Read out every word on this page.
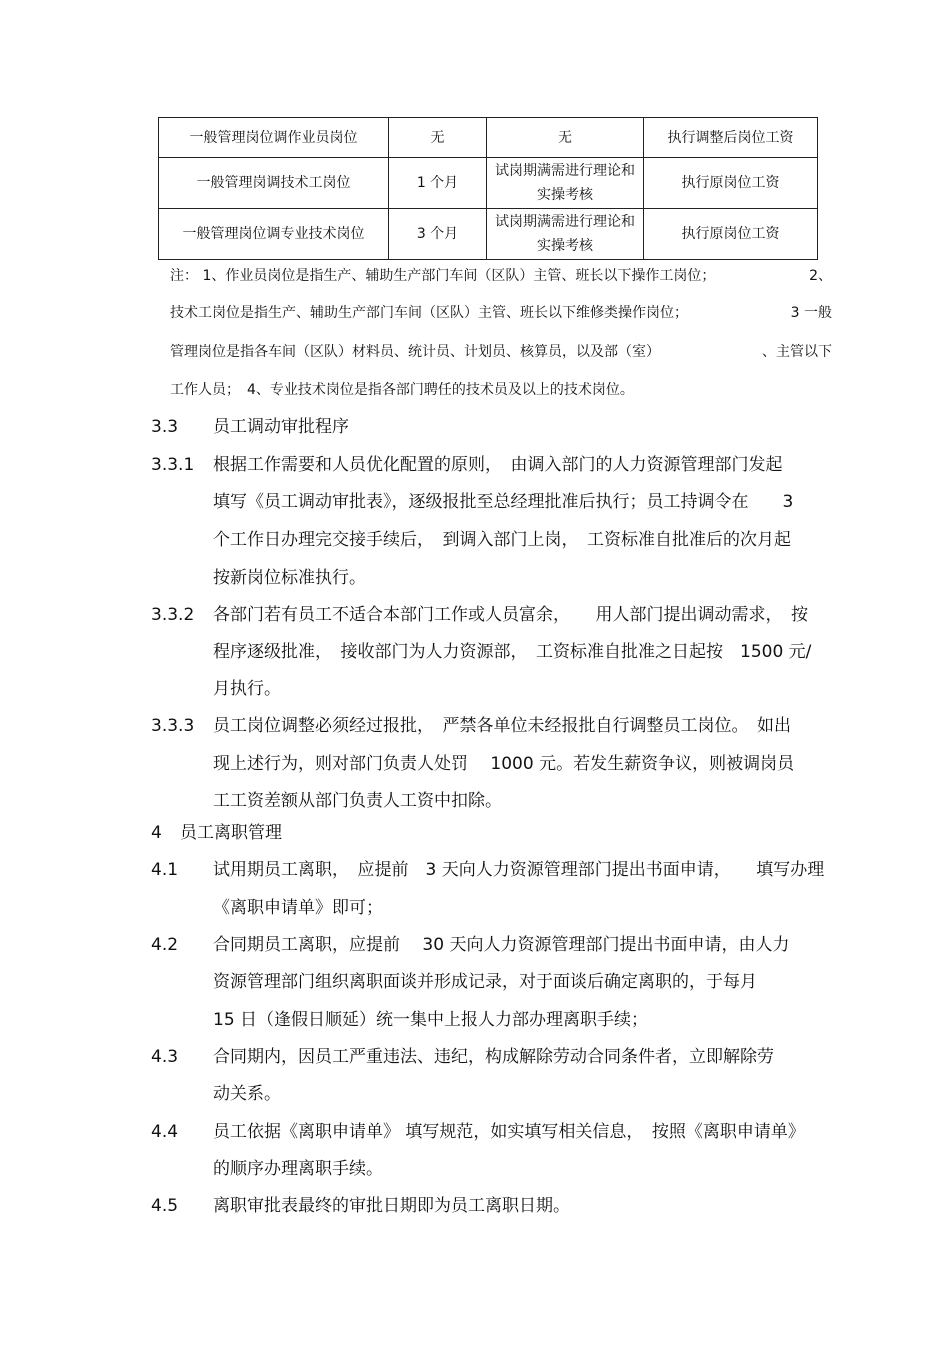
一般管理岗位调作业员岗位	无	无	执行调整后岗位工资
一般管理岗调技术工岗位	1 个月	试岗期满需进行理论和实操考核	执行原岗位工资
一般管理岗位调专业技术岗位	3 个月	试岗期满需进行理论和实操考核	执行原岗位工资
注： 1、作业员岗位是指生产、辅助生产部门车间（区队）主管、班长以下操作工岗位；	2、
技术工岗位是指生产、辅助生产部门车间（区队）主管、班长以下维修类操作岗位；	3 一般
管理岗位是指各车间（区队）材料员、统计员、计划员、核算员，以及部（室）	、主管以下
工作人员；　4、专业技术岗位是指各部门聘任的技术员及以上的技术岗位。
3.3 员工调动审批程序
3.3.1 根据工作需要和人员优化配置的原则，　由调入部门的人力资源管理部门发起
填写《员工调动审批表》，逐级报批至总经理批准后执行；员工持调令在　　3
个工作日办理完交接手续后，　到调入部门上岗，　工资标准自批准后的次月起
按新岗位标准执行。
3.3.2 各部门若有员工不适合本部门工作或人员富余，　　用人部门提出调动需求，　按
程序逐级批准，　接收部门为人力资源部，　工资标准自批准之日起按　1500 元/
月执行。
3.3.3 员工岗位调整必须经过报批，　严禁各单位未经报批自行调整员工岗位。　如出
现上述行为，则对部门负责人处罚　 1000 元。若发生薪资争议，则被调岗员
工工资差额从部门负责人工资中扣除。
4 员工离职管理
4.1 试用期员工离职，　应提前　3 天向人力资源管理部门提出书面申请，　　填写办理
《离职申请单》即可；
4.2 合同期员工离职，应提前　 30 天向人力资源管理部门提出书面申请，由人力
资源管理部门组织离职面谈并形成记录，对于面谈后确定离职的，于每月
15 日（逢假日顺延）统一集中上报人力部办理离职手续；
4.3 合同期内，因员工严重违法、违纪，构成解除劳动合同条件者，立即解除劳
动关系。
4.4 员工依据《离职申请单》 填写规范，如实填写相关信息，　按照《离职申请单》
的顺序办理离职手续。
4.5 离职审批表最终的审批日期即为员工离职日期。
